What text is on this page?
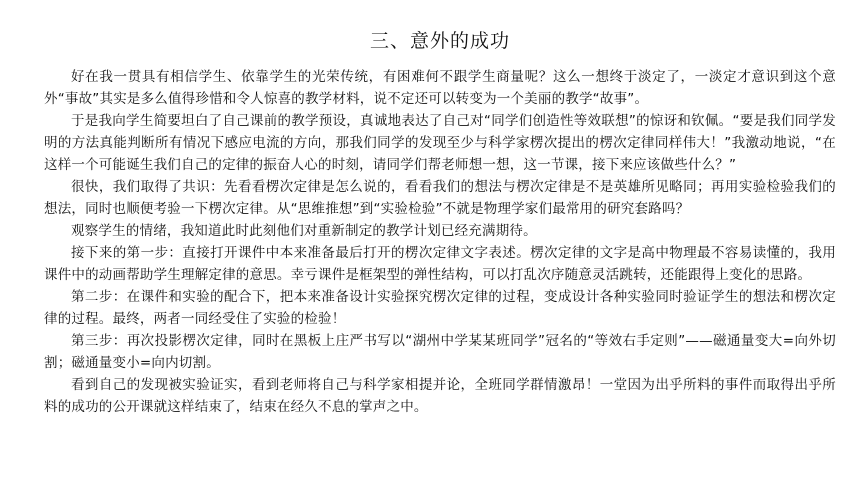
三、意外的成功

好在我一贯具有相信学生、依靠学生的光荣传统，有困难何不跟学生商量呢？这么一想终于淡定了，一淡定才意识到这个意外“事故”其实是多么值得珍惜和令人惊喜的教学材料，说不定还可以转变为一个美丽的教学“故事”。

于是我向学生简要坦白了自己课前的教学预设，真诚地表达了自己对“同学们创造性等效联想”的惊讶和钦佩。“要是我们同学发明的方法真能判断所有情况下感应电流的方向，那我们同学的发现至少与科学家楞次提出的楞次定律同样伟大！”我激动地说，“在这样一个可能诞生我们自己的定律的振奋人心的时刻，请同学们帮老师想一想，这一节课，接下来应该做些什么？”

很快，我们取得了共识：先看看楞次定律是怎么说的，看看我们的想法与楞次定律是不是英雄所见略同；再用实验检验我们的想法，同时也顺便考验一下楞次定律。从“思维推想”到“实验检验”不就是物理学家们最常用的研究套路吗？

观察学生的情绪，我知道此时此刻他们对重新制定的教学计划已经充满期待。

接下来的第一步：直接打开课件中本来准备最后打开的楞次定律文字表述。楞次定律的文字是高中物理最不容易读懂的，我用课件中的动画帮助学生理解定律的意思。幸亏课件是框架型的弹性结构，可以打乱次序随意灵活跳转，还能跟得上变化的思路。

第二步：在课件和实验的配合下，把本来准备设计实验探究楞次定律的过程，变成设计各种实验同时验证学生的想法和楞次定律的过程。最终，两者一同经受住了实验的检验！

第三步：再次投影楞次定律，同时在黑板上庄严书写以“湖州中学某某班同学”冠名的“等效右手定则”——磁通量变大=向外切割；磁通量变小=向内切割。

看到自己的发现被实验证实，看到老师将自己与科学家相提并论，全班同学群情激昂！一堂因为出乎所料的事件而取得出乎所料的成功的公开课就这样结束了，结束在经久不息的掌声之中。
